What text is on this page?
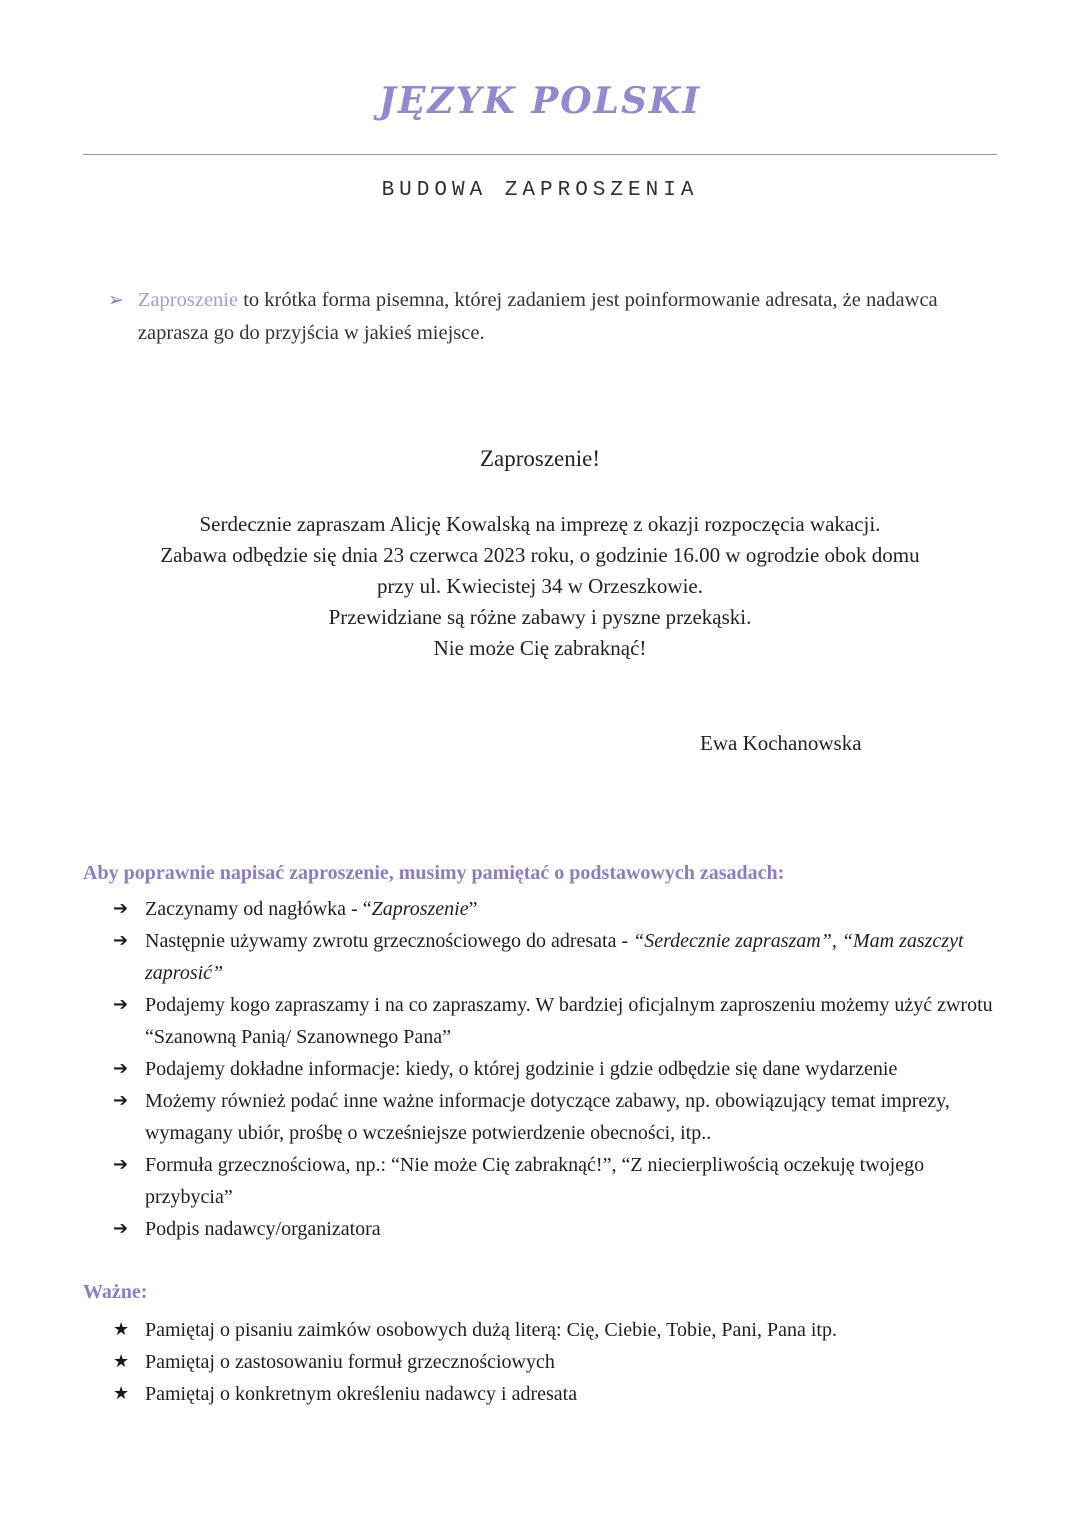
JĘZYK POLSKI
BUDOWA ZAPROSZENIA
➢ Zaproszenie to krótka forma pisemna, której zadaniem jest poinformowanie adresata, że nadawca zaprasza go do przyjścia w jakieś miejsce.

Zaproszenie!

Serdecznie zapraszam Alicję Kowalską na imprezę z okazji rozpoczęcia wakacji.
Zabawa odbędzie się dnia 23 czerwca 2023 roku, o godzinie 16.00 w ogrodzie obok domu
przy ul. Kwiecistej 34 w Orzeszkowie.
Przewidziane są różne zabawy i pyszne przekąski.
Nie może Cię zabraknąć!

Ewa Kochanowska

Aby poprawnie napisać zaproszenie, musimy pamiętać o podstawowych zasadach:

➔ Zaczynamy od nagłówka - “Zaproszenie”
➔ Następnie używamy zwrotu grzecznościowego do adresata - “Serdecznie zapraszam”, “Mam zaszczyt zaprosić”
➔ Podajemy kogo zapraszamy i na co zapraszamy. W bardziej oficjalnym zaproszeniu możemy użyć zwrotu “Szanowną Panią/ Szanownego Pana”
➔ Podajemy dokładne informacje: kiedy, o której godzinie i gdzie odbędzie się dane wydarzenie
➔ Możemy również podać inne ważne informacje dotyczące zabawy, np. obowiązujący temat imprezy, wymagany ubiór, prośbę o wcześniejsze potwierdzenie obecności, itp..
➔ Formuła grzecznościowa, np.: “Nie może Cię zabraknąć!”, “Z niecierpliwością oczekuję twojego przybycia”
➔ Podpis nadawcy/organizatora

Ważne:

★ Pamiętaj o pisaniu zaimków osobowych dużą literą: Cię, Ciebie, Tobie, Pani, Pana itp.
★ Pamiętaj o zastosowaniu formuł grzecznościowych
★ Pamiętaj o konkretnym określeniu nadawcy i adresata
